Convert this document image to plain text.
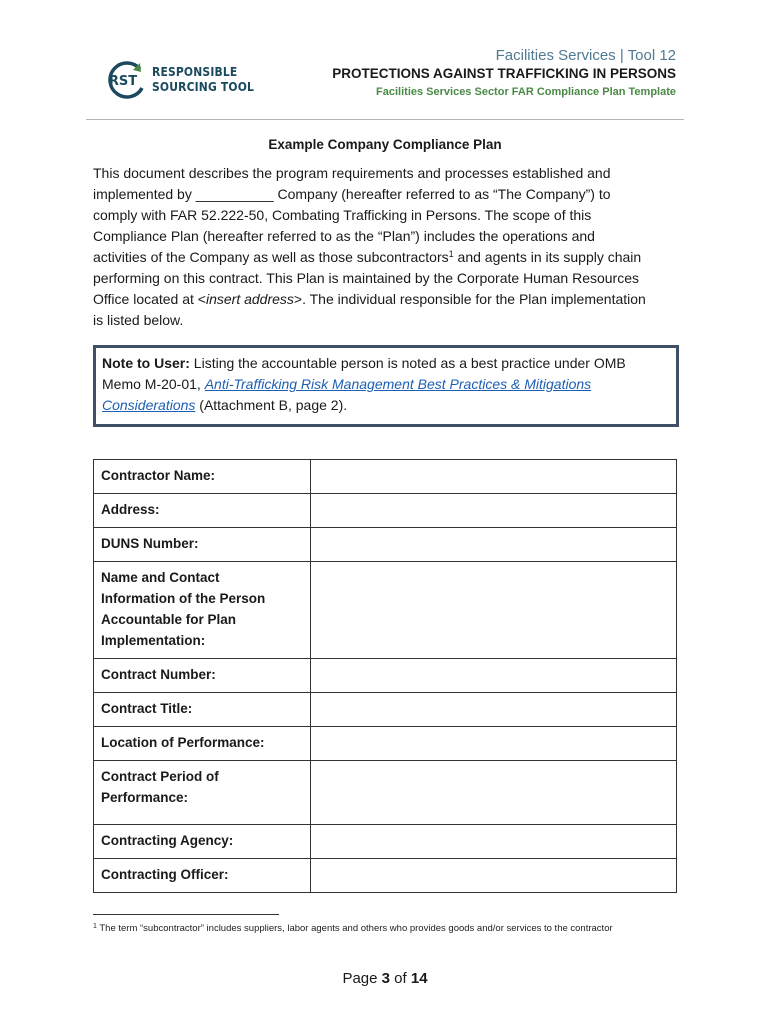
RST
RESPONSIBLE
SOURCING TOOL
Facilities Services | Tool 12
PROTECTIONS AGAINST TRAFFICKING IN PERSONS
Facilities Services Sector FAR Compliance Plan Template
Example Company Compliance Plan
This document describes the program requirements and processes established and
implemented by __________ Company (hereafter referred to as “The Company”) to
comply with FAR 52.222-50, Combating Trafficking in Persons. The scope of this
Compliance Plan (hereafter referred to as the “Plan”) includes the operations and
activities of the Company as well as those subcontractors$^1$ and agents in its supply chain
performing on this contract. This Plan is maintained by the Corporate Human Resources
Office located at <insert address>. The individual responsible for the Plan implementation
is listed below.
Note to User: Listing the accountable person is noted as a best practice under OMB
Memo M-20-01, Anti-Trafficking Risk Management Best Practices & Mitigations
Considerations (Attachment B, page 2).
Contractor Name:	
Address:	
DUNS Number:	

Name and Contact
Information of the Person
Accountable for Plan
Implementation:	

Contract Number:	
Contract Title:	
Location of Performance:	

Contract Period of
Performance:	

Contracting Agency:	
Contracting Officer:	
$^1$ The term “subcontractor” includes suppliers, labor agents and others who provides goods and/or services to the contractor
Page 3 of 14
